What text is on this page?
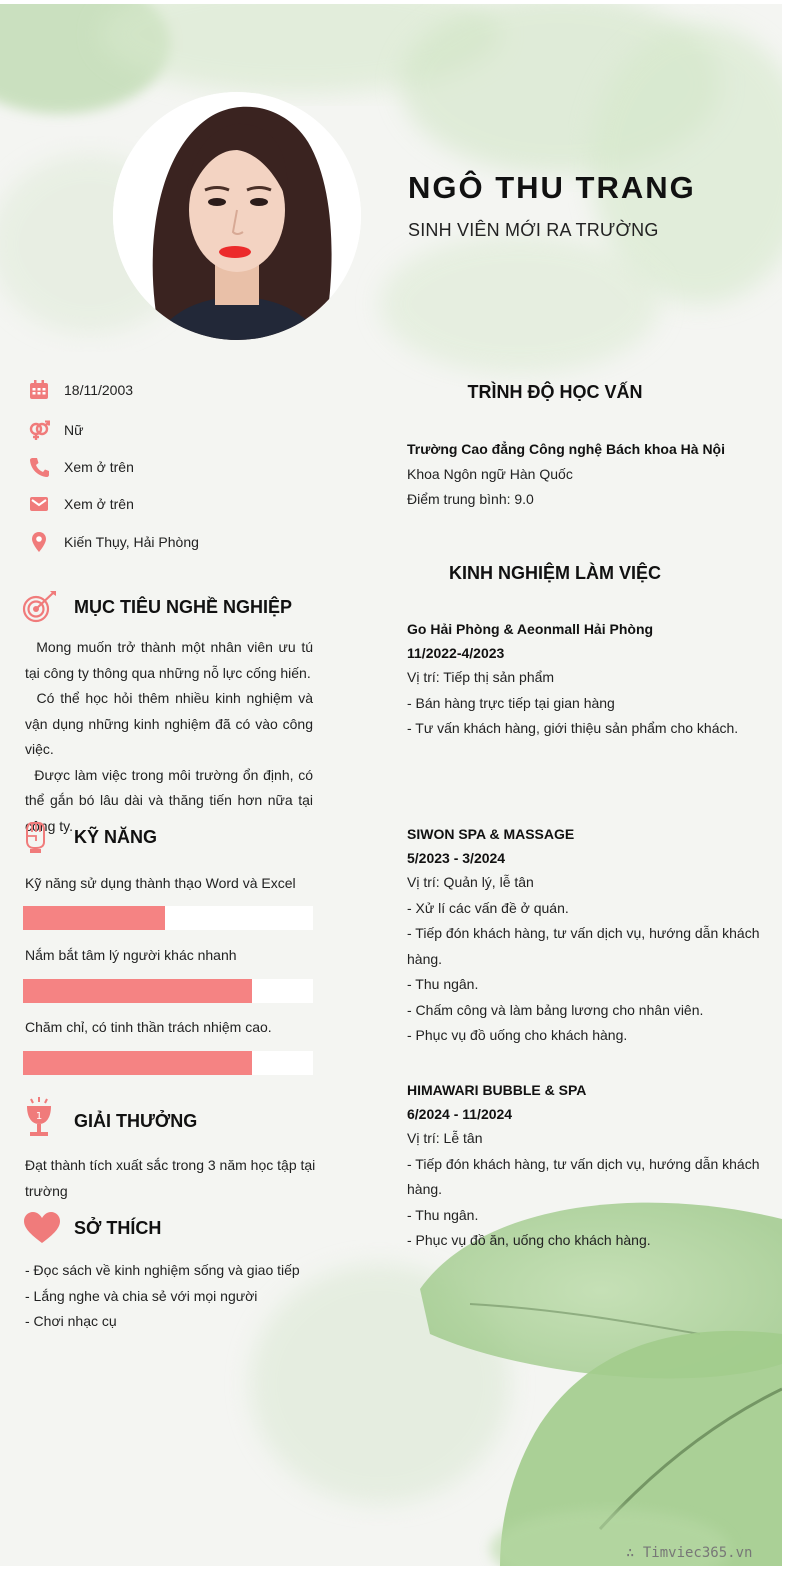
NGÔ THU TRANG
SINH VIÊN MỚI RA TRƯỜNG
18/11/2003
Nữ
Xem ở trên
Xem ở trên
Kiến Thụy, Hải Phòng
MỤC TIÊU NGHỀ NGHIỆP

Mong muốn trở thành một nhân viên ưu tú tại công ty thông qua những nỗ lực cống hiến.

Có thể học hỏi thêm nhiều kinh nghiệm và vận dụng những kinh nghiệm đã có vào công việc.

Được làm việc trong môi trường ổn định, có thể gắn bó lâu dài và thăng tiến hơn nữa tại công ty.

KỸ NĂNG
Kỹ năng sử dụng thành thạo Word và Excel
Nắm bắt tâm lý người khác nhanh
Chăm chỉ, có tinh thần trách nhiệm cao.
1 GIẢI THƯỞNG
Đạt thành tích xuất sắc trong 3 năm học tập tại trường
SỞ THÍCH
- Đọc sách về kinh nghiệm sống và giao tiếp
- Lắng nghe và chia sẻ với mọi người
- Chơi nhạc cụ
TRÌNH ĐỘ HỌC VẤN
Trường Cao đẳng Công nghệ Bách khoa Hà Nội
Khoa Ngôn ngữ Hàn Quốc
Điểm trung bình: 9.0
KINH NGHIỆM LÀM VIỆC
Go Hải Phòng & Aeonmall Hải Phòng
11/2022-4/2023
Vị trí: Tiếp thị sản phẩm
- Bán hàng trực tiếp tại gian hàng
- Tư vấn khách hàng, giới thiệu sản phẩm cho khách.
SIWON SPA & MASSAGE
5/2023 - 3/2024
Vị trí: Quản lý, lễ tân
- Xử lí các vấn đề ở quán.
- Tiếp đón khách hàng, tư vấn dịch vụ, hướng dẫn khách hàng.
- Thu ngân.
- Chấm công và làm bảng lương cho nhân viên.
- Phục vụ đồ uống cho khách hàng.
HIMAWARI BUBBLE & SPA
6/2024 - 11/2024
Vị trí: Lễ tân
- Tiếp đón khách hàng, tư vấn dịch vụ, hướng dẫn khách hàng.
- Thu ngân.
- Phục vụ đồ ăn, uống cho khách hàng.
∴ Timviec365.vn
